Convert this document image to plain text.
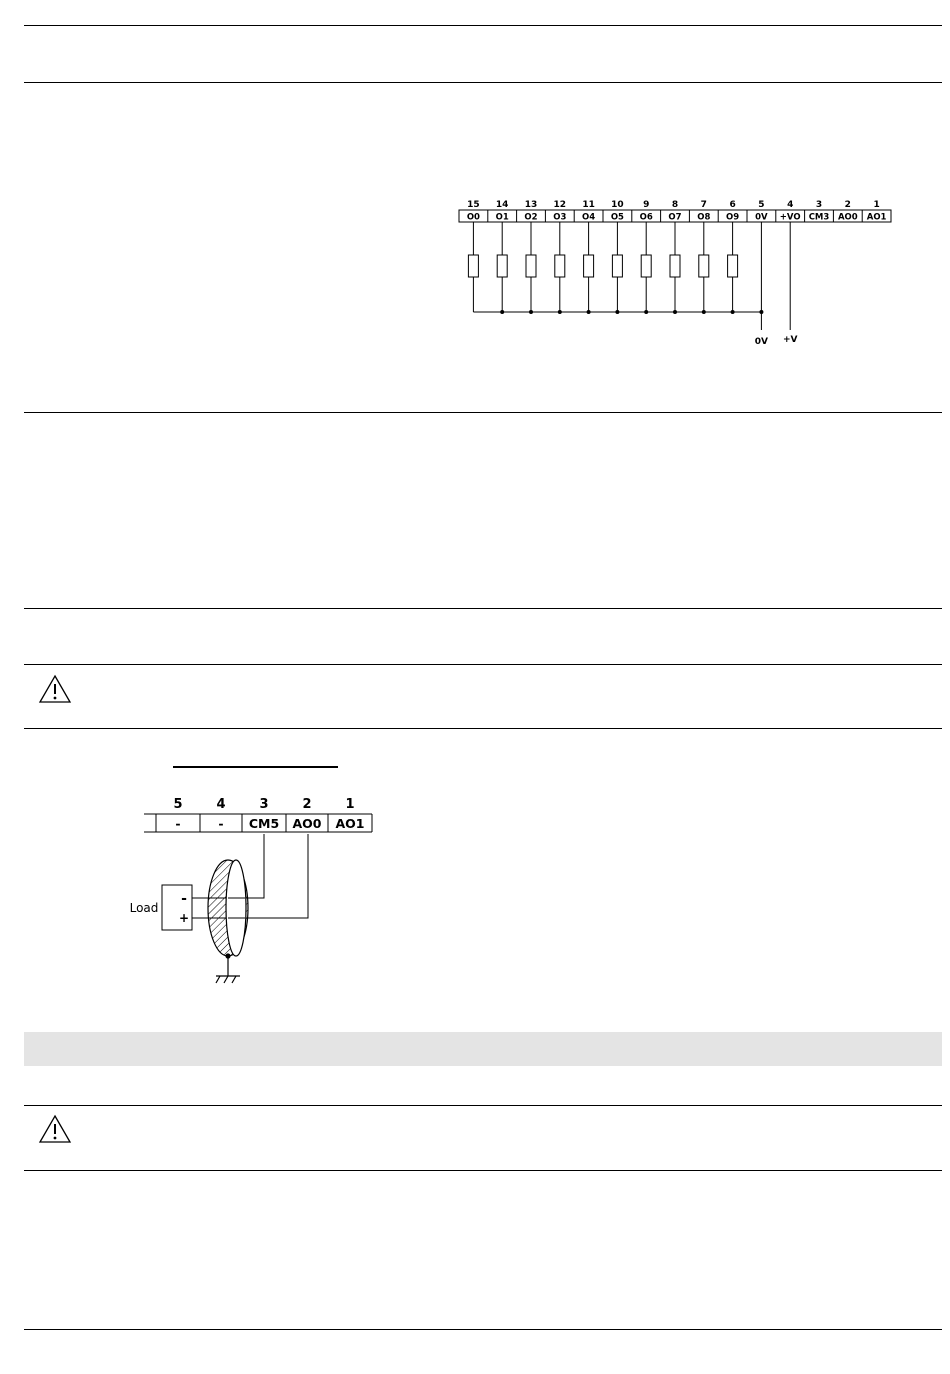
15 14 13 12 11 10 9	8	7	6	5	4	3	2	1
O0 O1 O2 O3 O4 O5 O6 O7 O8 O9 0V +VO CM3 AO0 AO1
0V +V
5	4	3	2	1
-	- CM5 AO0 AO1
Load
-
+
